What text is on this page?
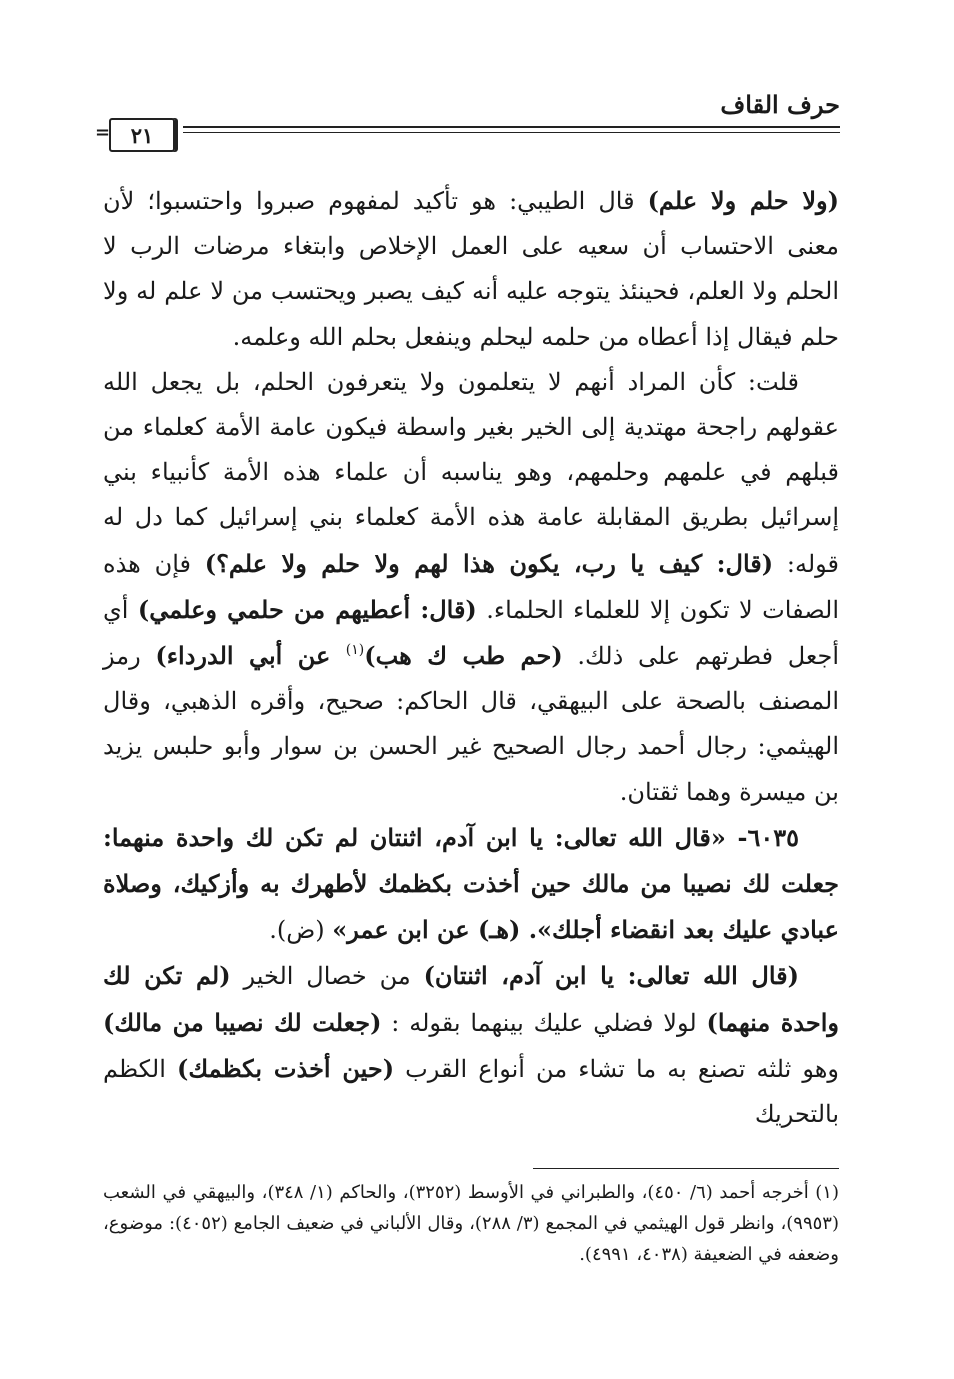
حرف القاف
= ٢١

(ولا حلم ولا علم) قال الطيبي: هو تأكيد لمفهوم صبروا واحتسبوا؛ لأن معنى الاحتساب أن سعيه على العمل الإخلاص وابتغاء مرضات الرب لا الحلم ولا العلم، فحينئذ يتوجه عليه أنه كيف يصبر ويحتسب من لا علم له ولا حلم فيقال إذا أعطاه من حلمه ليحلم وينفعل بحلم الله وعلمه.

قلت: كأن المراد أنهم لا يتعلمون ولا يتعرفون الحلم، بل يجعل الله عقولهم راجحة مهتدية إلى الخير بغير واسطة فيكون عامة الأمة كعلماء من قبلهم في علمهم وحلمهم، وهو يناسبه أن علماء هذه الأمة كأنبياء بني إسرائيل بطريق المقابلة عامة هذه الأمة كعلماء بني إسرائيل كما دل له قوله: (قال: كيف يا رب، يكون هذا لهم ولا حلم ولا علم؟) فإن هذه الصفات لا تكون إلا للعلماء الحلماء. (قال: أعطيهم من حلمي وعلمي) أي أجعل فطرتهم على ذلك. (حم طب ك هب)$^{(١)}$ عن أبي الدرداء) رمز المصنف بالصحة على البيهقي، قال الحاكم: صحيح، وأقره الذهبي، وقال الهيثمي: رجال أحمد رجال الصحيح غير الحسن بن سوار وأبو حلبس يزيد بن ميسرة وهما ثقتان.

٦٠٣٥- «قال الله تعالى: يا ابن آدم، اثنتان لم تكن لك واحدة منهما: جعلت لك نصيبا من مالك حين أخذت بكظمك لأطهرك به وأزكيك، وصلاة عبادي عليك بعد انقضاء أجلك». (هـ) عن ابن عمر» (ض).

(قال الله تعالى: يا ابن آدم، اثنتان) من خصال الخير (لم تكن لك واحدة منهما) لولا فضلي عليك بينهما بقوله : (جعلت لك نصيبا من مالك) وهو ثلثه تصنع به ما تشاء من أنواع القرب (حين أخذت بكظمك) الكظم بالتحريك

(١) أخرجه أحمد (٦/ ٤٥٠)، والطبراني في الأوسط (٣٢٥٢)، والحاكم (١/ ٣٤٨)، والبيهقي في الشعب (٩٩٥٣)، وانظر قول الهيثمي في المجمع (٣/ ٢٨٨)، وقال الألباني في ضعيف الجامع (٤٠٥٢): موضوع، وضعفه في الضعيفة (٤٠٣٨، ٤٩٩١).
